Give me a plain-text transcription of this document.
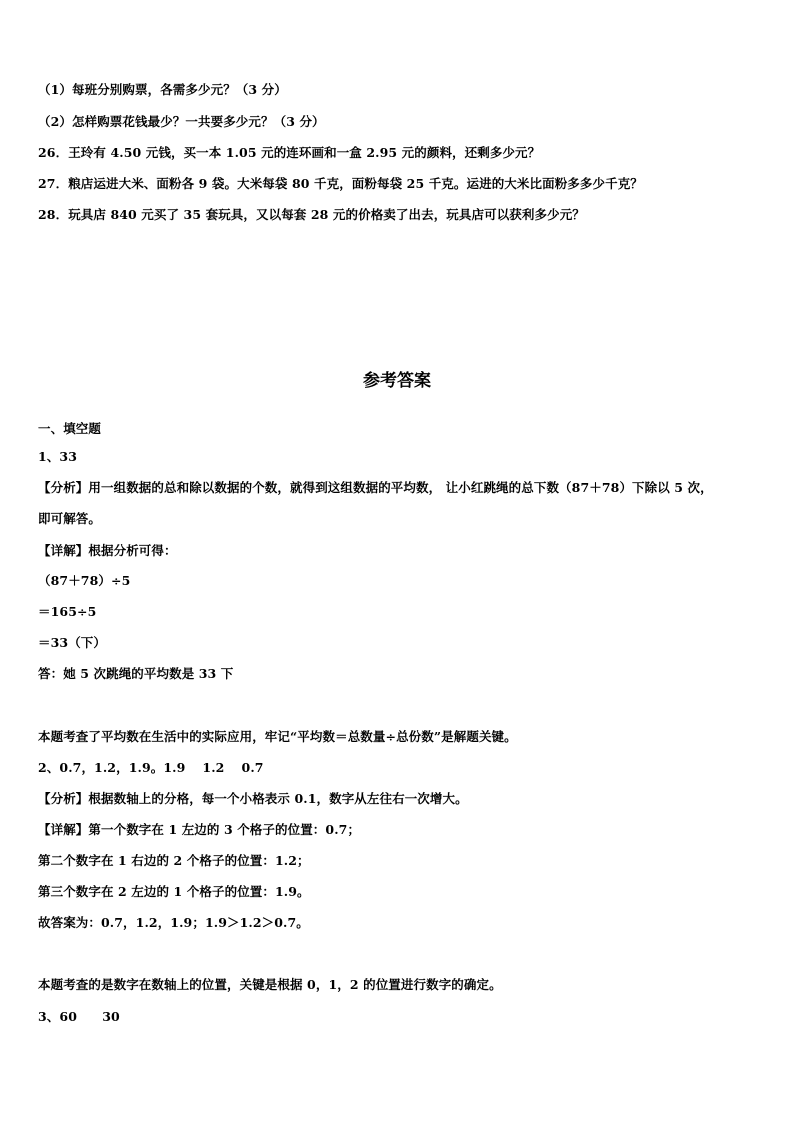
（1）每班分别购票，各需多少元？（3 分）
（2）怎样购票花钱最少？一共要多少元？（3 分）
26．王玲有 4.50 元钱，买一本 1.05 元的连环画和一盒 2.95 元的颜料，还剩多少元？
27．粮店运进大米、面粉各 9 袋。大米每袋 80 千克，面粉每袋 25 千克。运进的大米比面粉多多少千克？
28．玩具店 840 元买了 35 套玩具，又以每套 28 元的价格卖了出去，玩具店可以获利多少元？
参考答案
一、填空题
1、33
【分析】用一组数据的总和除以数据的个数，就得到这组数据的平均数， 让小红跳绳的总下数（87＋78）下除以 5 次，
即可解答。
【详解】根据分析可得：
（87＋78）÷5
＝165÷5
＝33（下）
答：她 5 次跳绳的平均数是 33 下
本题考查了平均数在生活中的实际应用，牢记“平均数＝总数量÷总份数”是解题关键。
2、0.7，1.2，1.9。1.9　 1.2　 0.7
【分析】根据数轴上的分格，每一个小格表示 0.1，数字从左往右一次增大。
【详解】第一个数字在 1 左边的 3 个格子的位置：0.7；
第二个数字在 1 右边的 2 个格子的位置：1.2；
第三个数字在 2 左边的 1 个格子的位置：1.9。
故答案为：0.7，1.2，1.9；1.9＞1.2＞0.7。
本题考查的是数字在数轴上的位置，关键是根据 0，1，2 的位置进行数字的确定。
3、60　　30
